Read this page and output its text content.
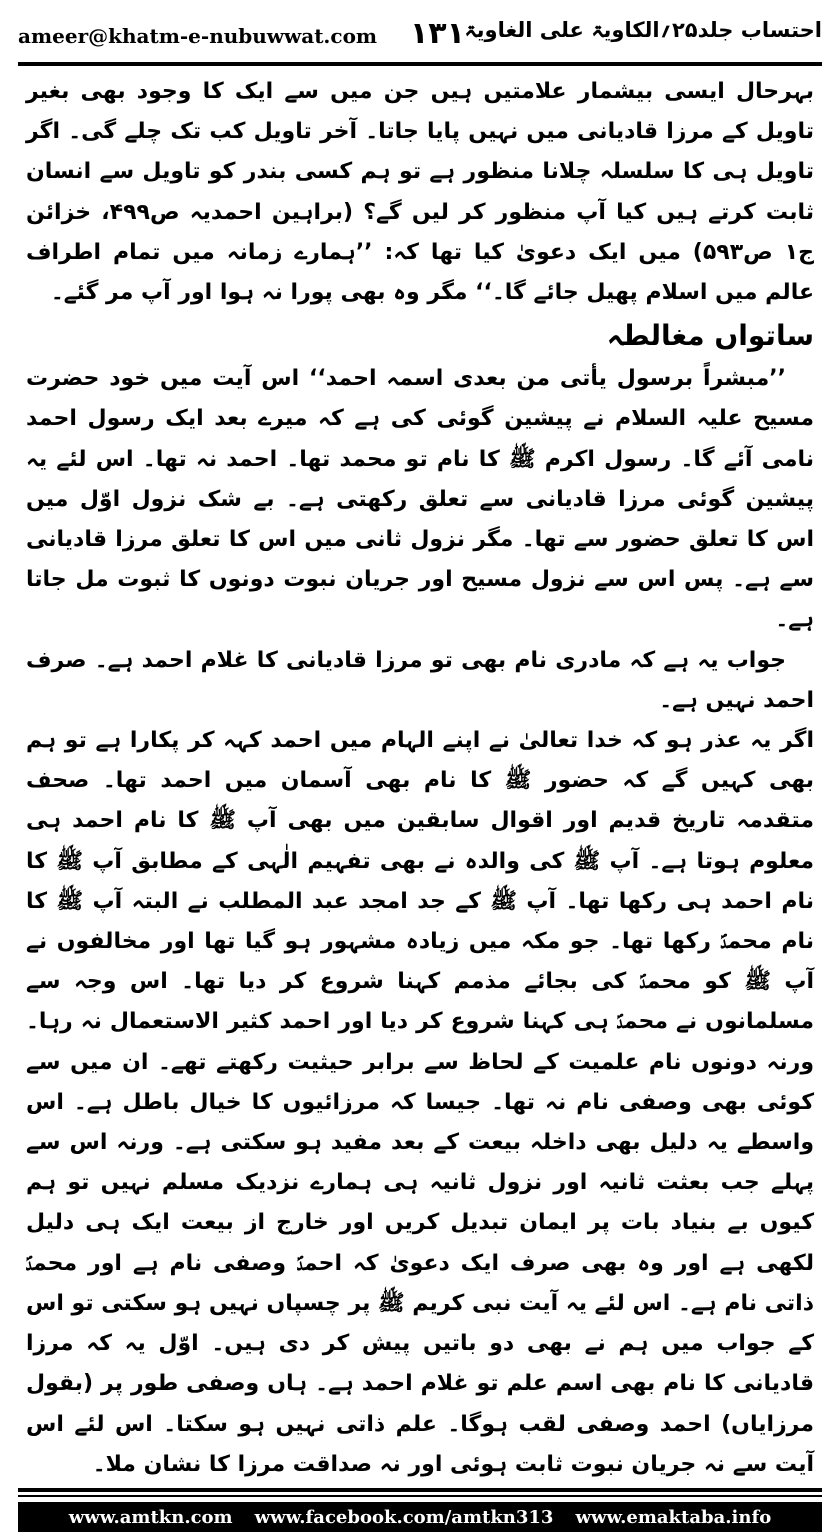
ameer@khatm-e-nubuwwat.com ۱۳۱ احتساب جلد۲۵؍الکاویۃ علی الغاویۃ

بہرحال ایسی بیشمار علامتیں ہیں جن میں سے ایک کا وجود بھی بغیر تاویل کے مرزا قادیانی میں نہیں پایا جاتا۔ آخر تاویل کب تک چلے گی۔ اگر تاویل ہی کا سلسلہ چلانا منظور ہے تو ہم کسی بندر کو تاویل سے انسان ثابت کرتے ہیں کیا آپ منظور کر لیں گے؟ (براہین احمدیہ ص۴۹۹، خزائن ج۱ ص۵۹۳) میں ایک دعویٰ کیا تھا کہ: ’’ہمارے زمانہ میں تمام اطراف عالم میں اسلام پھیل جائے گا۔‘‘ مگر وہ بھی پورا نہ ہوا اور آپ مر گئے۔

ساتواں مغالطہ

’’مبشراً برسول یأتی من بعدی اسمہ احمد‘‘ اس آیت میں خود حضرت مسیح علیہ السلام نے پیشین گوئی کی ہے کہ میرے بعد ایک رسول احمد نامی آئے گا۔ رسول اکرم ﷺ کا نام تو محمد تھا۔ احمد نہ تھا۔ اس لئے یہ پیشین گوئی مرزا قادیانی سے تعلق رکھتی ہے۔ بے شک نزول اوّل میں اس کا تعلق حضور سے تھا۔ مگر نزول ثانی میں اس کا تعلق مرزا قادیانی سے ہے۔ پس اس سے نزول مسیح اور جریان نبوت دونوں کا ثبوت مل جاتا ہے۔

جواب یہ ہے کہ مادری نام بھی تو مرزا قادیانی کا غلام احمد ہے۔ صرف احمد نہیں ہے۔

اگر یہ عذر ہو کہ خدا تعالیٰ نے اپنے الہام میں احمد کہہ کر پکارا ہے تو ہم بھی کہیں گے کہ حضور ﷺ کا نام بھی آسمان میں احمد تھا۔ صحف متقدمہ تاریخ قدیم اور اقوال سابقین میں بھی آپ ﷺ کا نام احمد ہی معلوم ہوتا ہے۔ آپ ﷺ کی والدہ نے بھی تفہیم الٰہی کے مطابق آپ ﷺ کا نام احمد ہی رکھا تھا۔ آپ ﷺ کے جد امجد عبد المطلب نے البتہ آپ ﷺ کا نام محمدؐ رکھا تھا۔ جو مکہ میں زیادہ مشہور ہو گیا تھا اور مخالفوں نے آپ ﷺ کو محمدؐ کی بجائے مذمم کہنا شروع کر دیا تھا۔ اس وجہ سے مسلمانوں نے محمدؐ ہی کہنا شروع کر دیا اور احمد کثیر الاستعمال نہ رہا۔ ورنہ دونوں نام علمیت کے لحاظ سے برابر حیثیت رکھتے تھے۔ ان میں سے کوئی بھی وصفی نام نہ تھا۔ جیسا کہ مرزائیوں کا خیال باطل ہے۔ اس واسطے یہ دلیل بھی داخلہ بیعت کے بعد مفید ہو سکتی ہے۔ ورنہ اس سے پہلے جب بعثت ثانیہ اور نزول ثانیہ ہی ہمارے نزدیک مسلم نہیں تو ہم کیوں بے بنیاد بات پر ایمان تبدیل کریں اور خارج از بیعت ایک ہی دلیل لکھی ہے اور وہ بھی صرف ایک دعویٰ کہ احمدؐ وصفی نام ہے اور محمدؐ ذاتی نام ہے۔ اس لئے یہ آیت نبی کریم ﷺ پر چسپاں نہیں ہو سکتی تو اس کے جواب میں ہم نے بھی دو باتیں پیش کر دی ہیں۔ اوّل یہ کہ مرزا قادیانی کا نام بھی اسم علم تو غلام احمد ہے۔ ہاں وصفی طور پر (بقول مرزایاں) احمد وصفی لقب ہوگا۔ علم ذاتی نہیں ہو سکتا۔ اس لئے اس آیت سے نہ جریان نبوت ثابت ہوئی اور نہ صداقت مرزا کا نشان ملا۔

www.amtkn.com www.facebook.com/amtkn313 www.emaktaba.info
